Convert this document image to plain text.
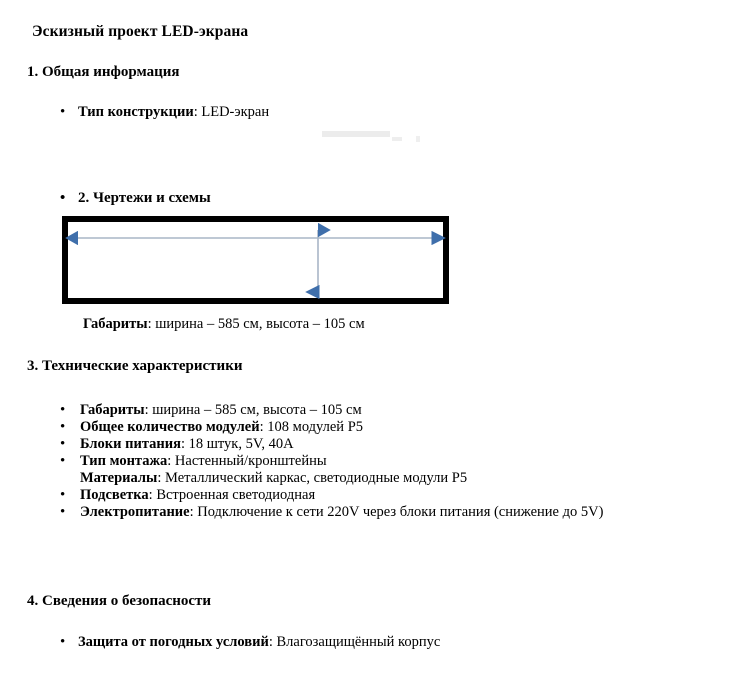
Эскизный проект LED-экрана
1. Общая информация
•
Тип конструкции: LED-экран
•
2. Чертежи и схемы
Габариты: ширина – 585 см, высота – 105 см
3. Технические характеристики
•
Габариты: ширина – 585 см, высота – 105 см
•
Общее количество модулей: 108 модулей P5
•
Блоки питания: 18 штук, 5V, 40A
•
Тип монтажа: Настенный/кронштейны
Материалы: Металлический каркас, светодиодные модули P5
•
Подсветка: Встроенная светодиодная
•
Электропитание: Подключение к сети 220V через блоки питания (снижение до 5V)
4. Сведения о безопасности
•
Защита от погодных условий: Влагозащищённый корпус
